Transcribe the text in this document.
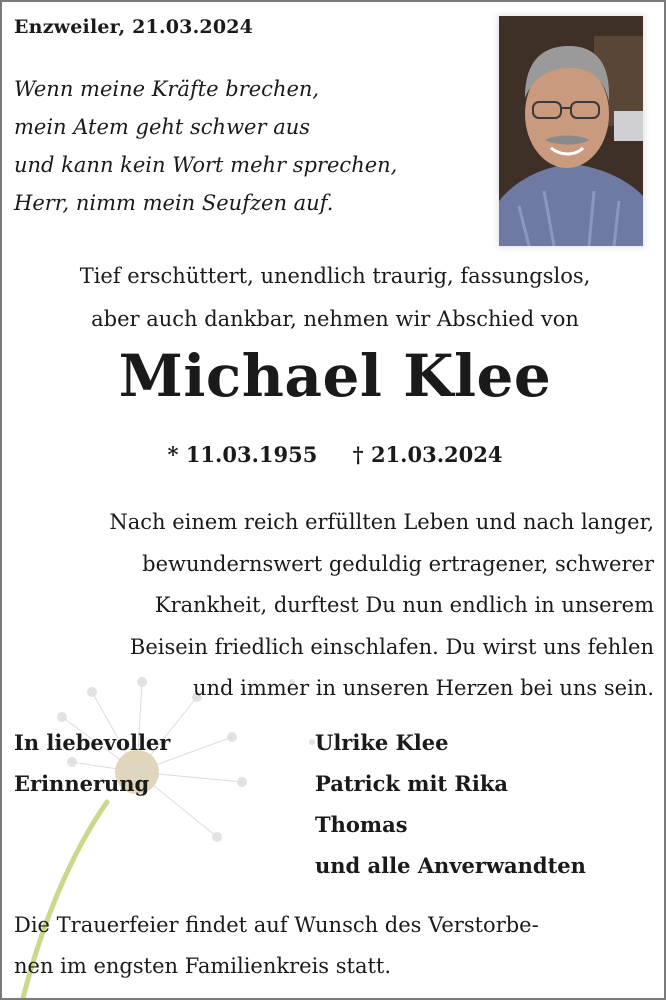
Enzweiler, 21.03.2024
Wenn meine Kräfte brechen,
mein Atem geht schwer aus
und kann kein Wort mehr sprechen,
Herr, nimm mein Seufzen auf.
Tief erschüttert, unendlich traurig, fassungslos,
aber auch dankbar, nehmen wir Abschied von
Michael Klee
* 11.03.1955 † 21.03.2024
Nach einem reich erfüllten Leben und nach langer,
bewundernswert geduldig ertragener, schwerer
Krankheit, durftest Du nun endlich in unserem
Beisein friedlich einschlafen. Du wirst uns fehlen
und immer in unseren Herzen bei uns sein.
In liebevoller
Erinnerung
Ulrike Klee
Patrick mit Rika
Thomas
und alle Anverwandten
Die Trauerfeier findet auf Wunsch des Verstorbe-
nen im engsten Familienkreis statt.
